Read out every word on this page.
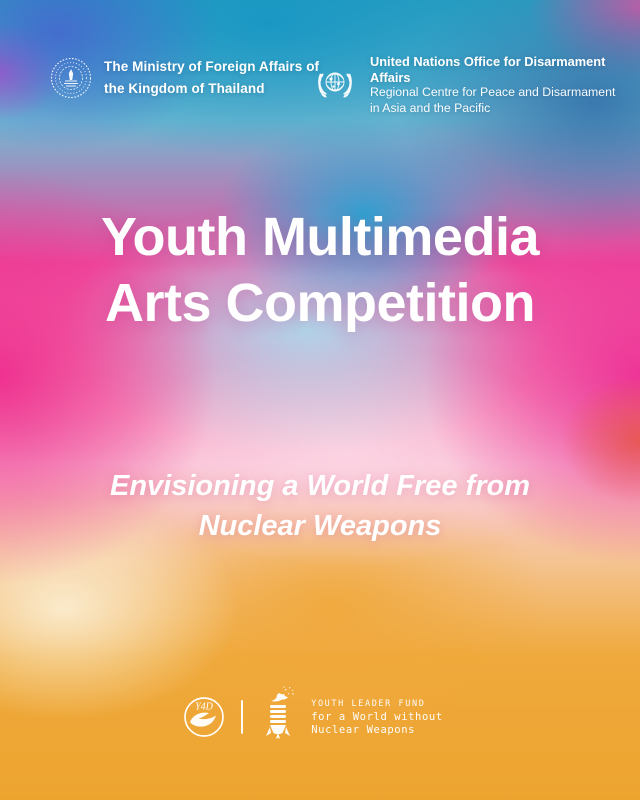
The Ministry of Foreign Affairs of
the Kingdom of Thailand
United Nations Office for Disarmament Affairs
Regional Centre for Peace and Disarmament
in Asia and the Pacific
Youth Multimedia
Arts Competition
Envisioning a World Free from
Nuclear Weapons
Y4D	YOUTH LEADER FUND
for a World without
Nuclear Weapons
